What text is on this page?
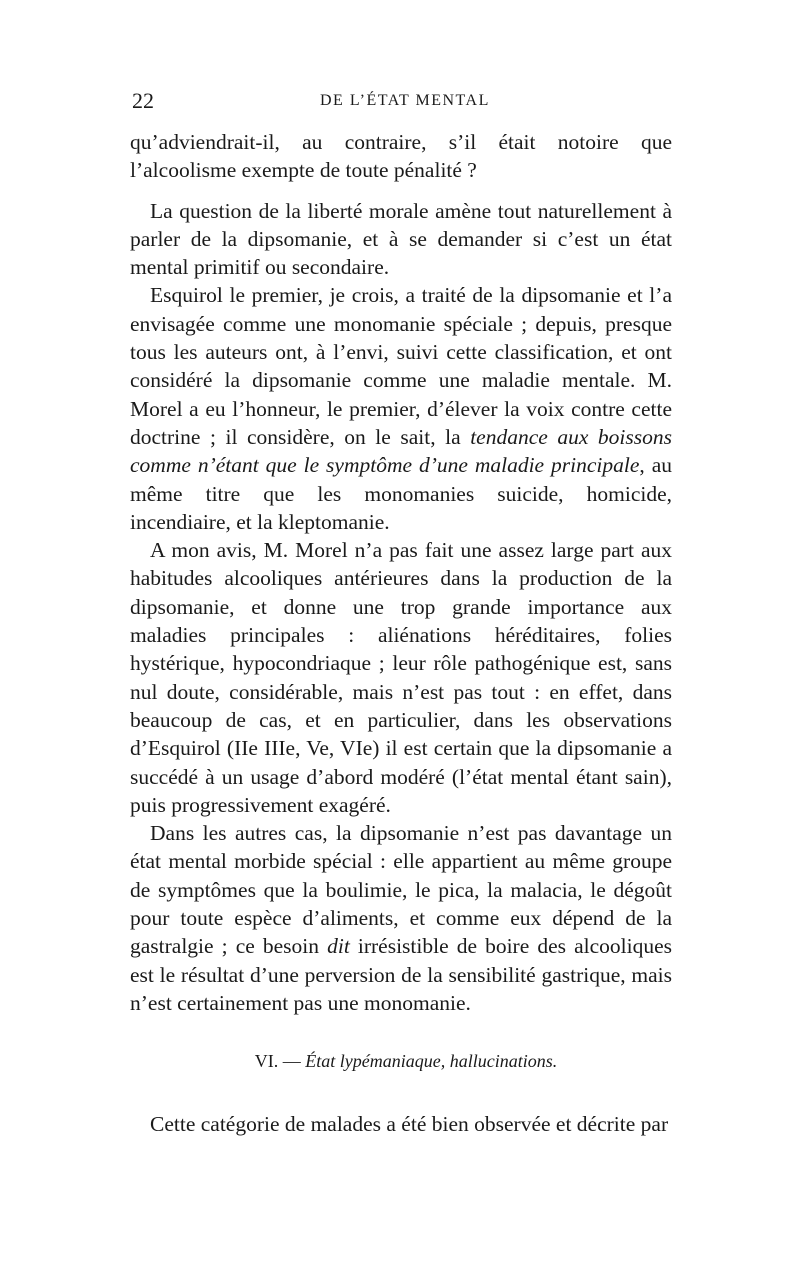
22	DE L’ÉTAT MENTAL

qu’adviendrait-il, au contraire, s’il était notoire que l’alcoolisme exempte de toute pénalité ?

La question de la liberté morale amène tout naturellement à parler de la dipsomanie, et à se demander si c’est un état mental primitif ou secondaire.

Esquirol le premier, je crois, a traité de la dipsomanie et l’a envisagée comme une monomanie spéciale ; depuis, presque tous les auteurs ont, à l’envi, suivi cette classification, et ont considéré la dipsomanie comme une maladie mentale. M. Morel a eu l’honneur, le premier, d’élever la voix contre cette doctrine ; il considère, on le sait, la tendance aux boissons comme n’étant que le symptôme d’une maladie principale, au même titre que les monomanies suicide, homicide, incendiaire, et la kleptomanie.

A mon avis, M. Morel n’a pas fait une assez large part aux habitudes alcooliques antérieures dans la production de la dipsomanie, et donne une trop grande importance aux maladies principales : aliénations héréditaires, folies hystérique, hypocondriaque ; leur rôle pathogénique est, sans nul doute, considérable, mais n’est pas tout : en effet, dans beaucoup de cas, et en particulier, dans les observations d’Esquirol (IIe IIIe, Ve, VIe) il est certain que la dipsomanie a succédé à un usage d’abord modéré (l’état mental étant sain), puis progressivement exagéré.

Dans les autres cas, la dipsomanie n’est pas davantage un état mental morbide spécial : elle appartient au même groupe de symptômes que la boulimie, le pica, la malacia, le dégoût pour toute espèce d’aliments, et comme eux dépend de la gastralgie ; ce besoin dit irrésistible de boire des alcooliques est le résultat d’une perversion de la sensibilité gastrique, mais n’est certainement pas une monomanie.

VI. — État lypémaniaque, hallucinations.
Cette catégorie de malades a été bien observée et décrite par
